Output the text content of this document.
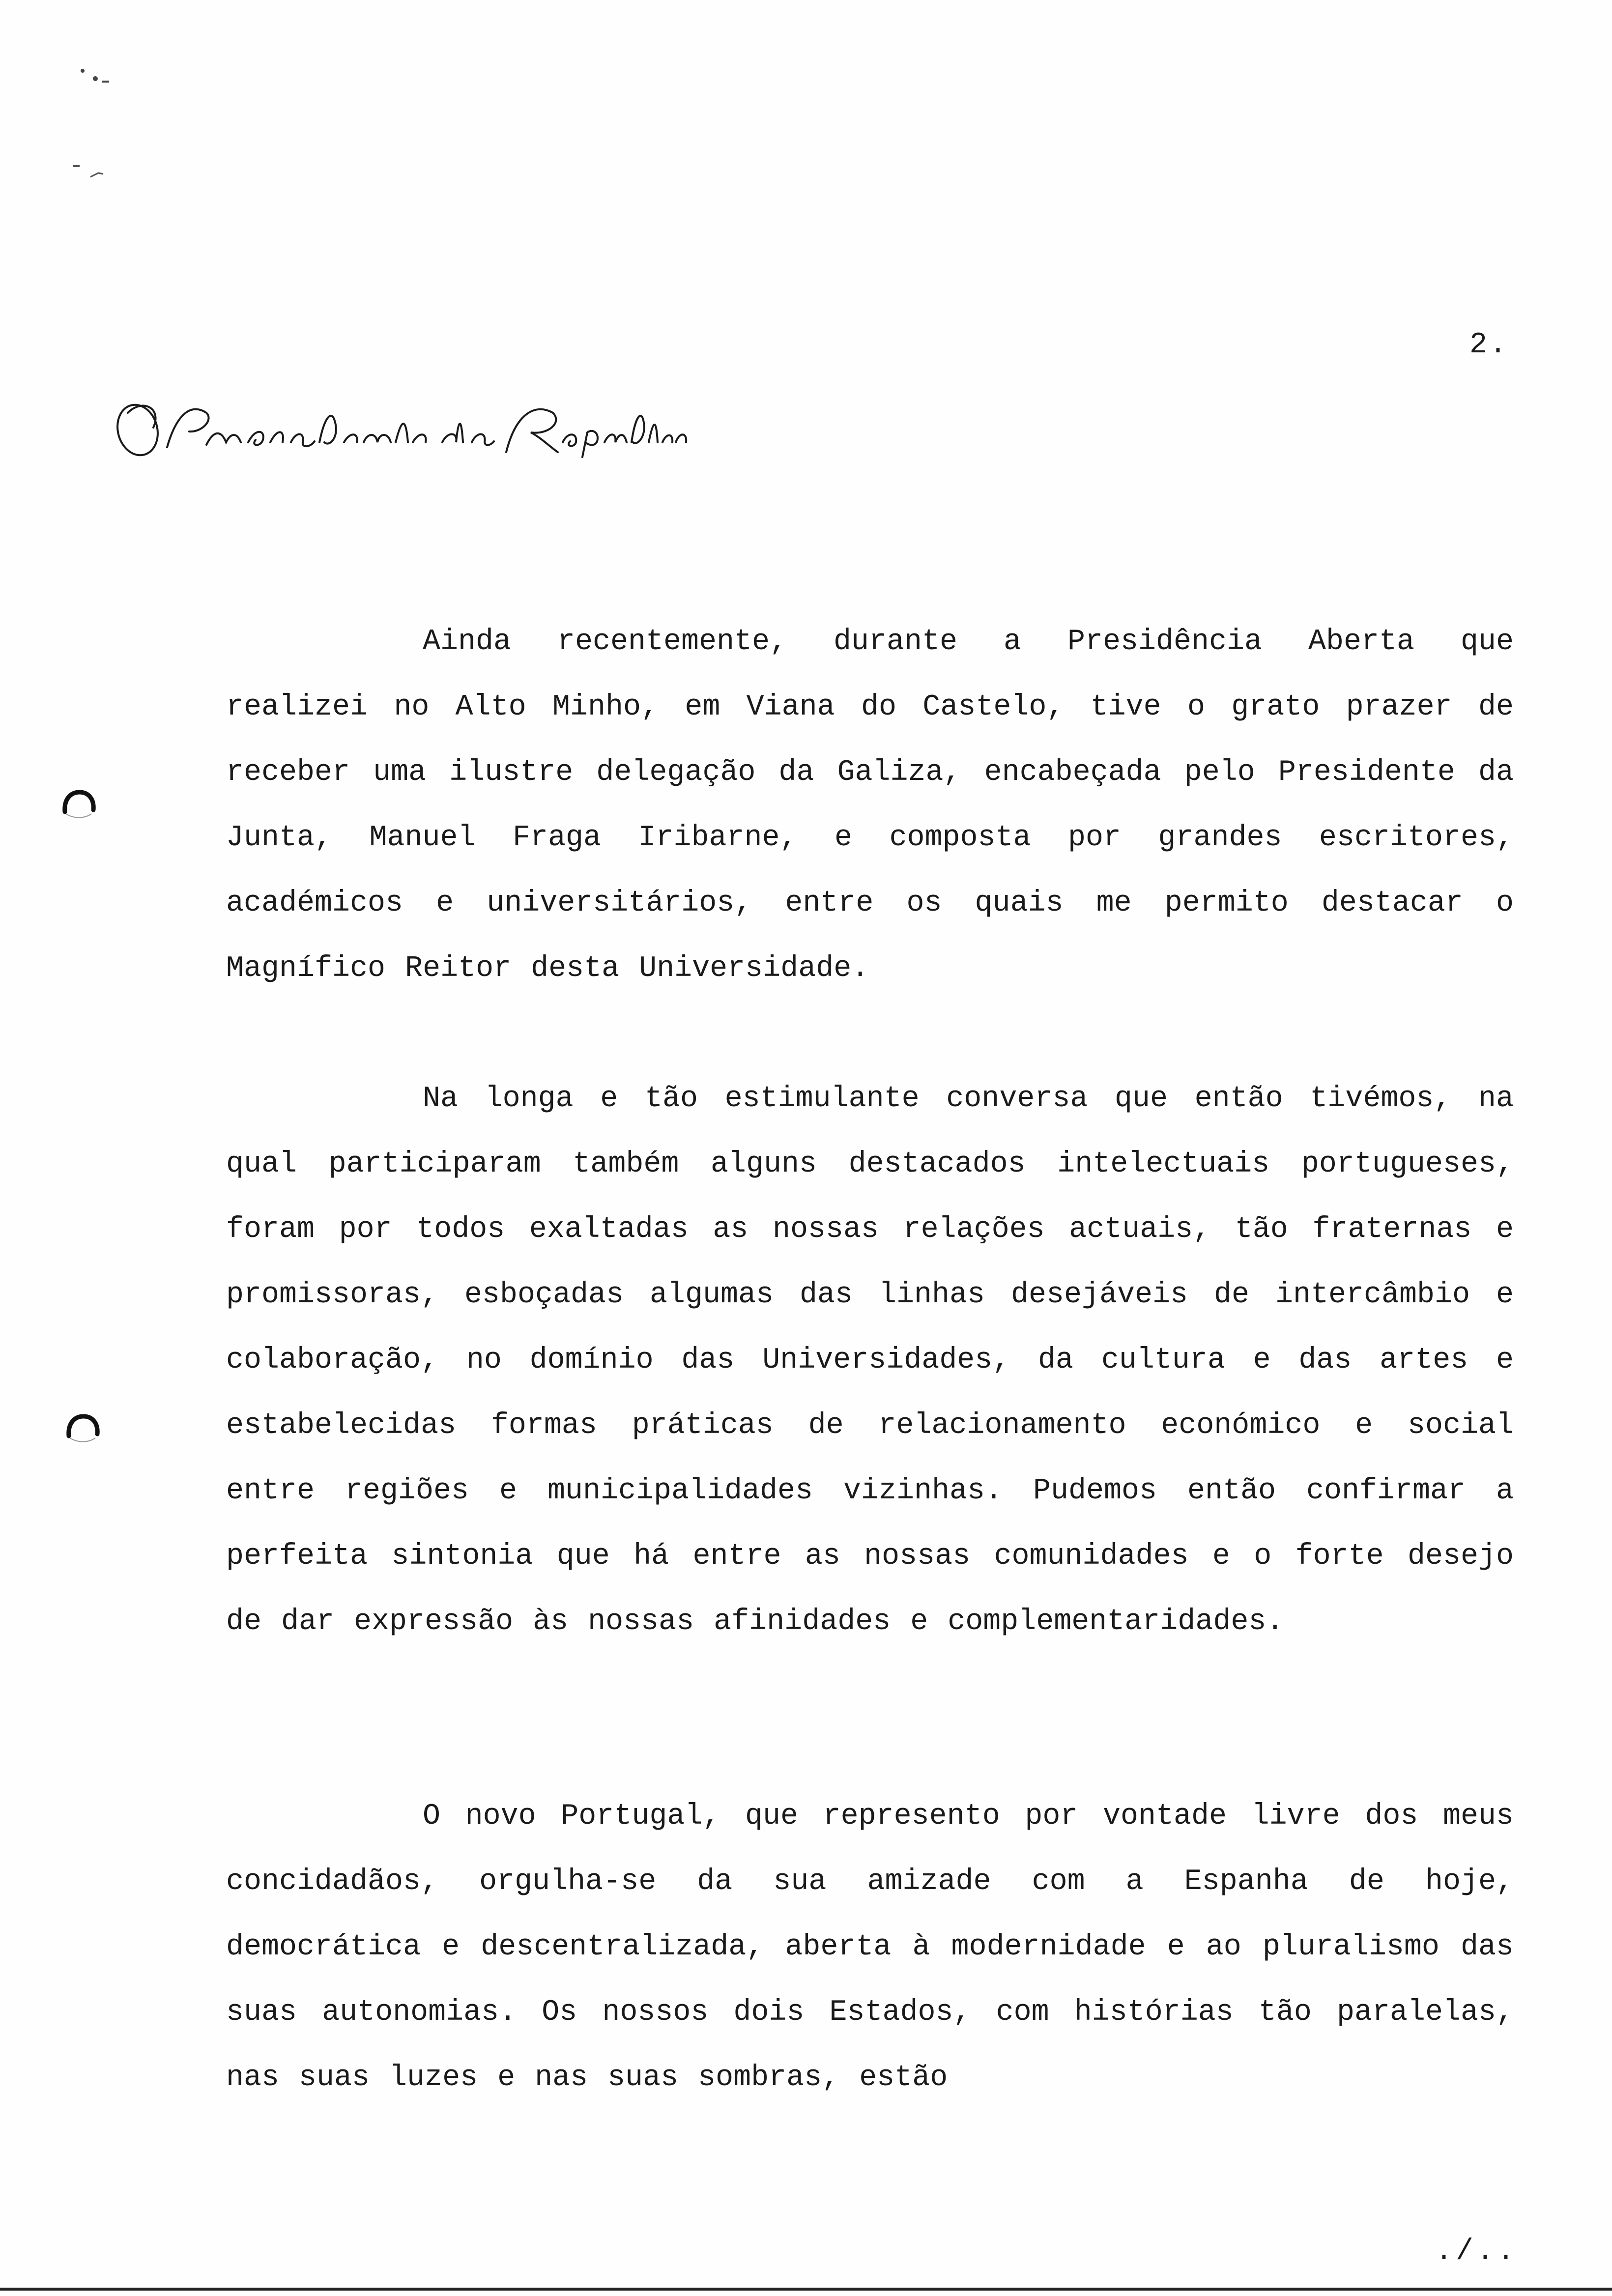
2.

Ainda recentemente, durante a Presidência Aberta que realizei no Alto Minho, em Viana do Castelo, tive o grato prazer de receber uma ilustre delegação da Galiza, encabeçada pelo Presidente da Junta, Manuel Fraga Iribarne, e composta por grandes escritores, académicos e universitários, entre os quais me permito destacar o Magnífico Reitor desta Universidade.

Na longa e tão estimulante conversa que então tivémos, na qual participaram também alguns destacados intelectuais portugueses, foram por todos exaltadas as nossas relações actuais, tão fraternas e promissoras, esboçadas algumas das linhas desejáveis de intercâmbio e colaboração, no domínio das Universidades, da cultura e das artes e estabelecidas formas práticas de relacionamento económico e social entre regiões e municipalidades vizinhas. Pudemos então confirmar a perfeita sintonia que há entre as nossas comunidades e o forte desejo de dar expressão às nossas afinidades e complementaridades.

O novo Portugal, que represento por vontade livre dos meus concidadãos, orgulha-se da sua amizade com a Espanha de hoje, democrática e descentralizada, aberta à modernidade e ao pluralismo das suas autonomias. Os nossos dois Estados, com histórias tão paralelas, nas suas luzes e nas suas sombras, estão

./..
